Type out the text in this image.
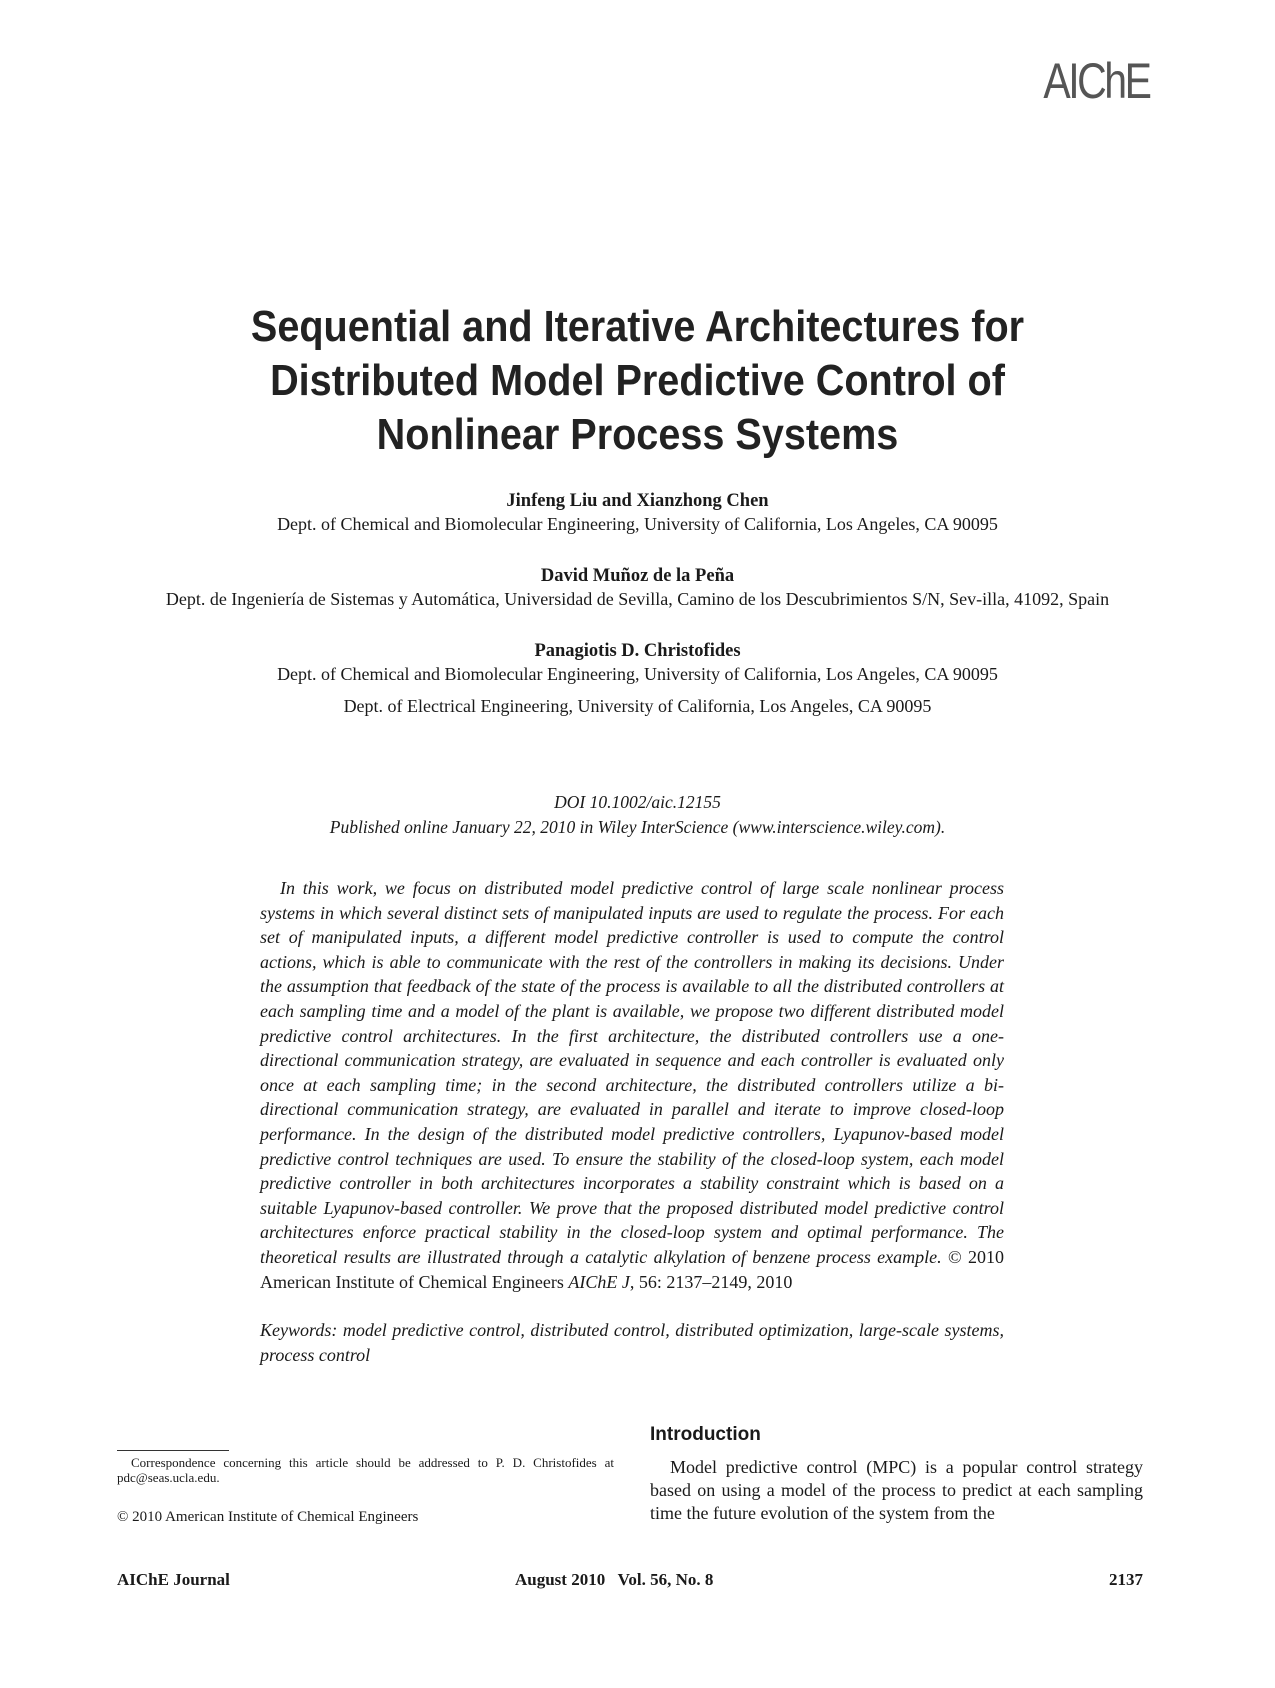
AIChE
Sequential and Iterative Architectures for
Distributed Model Predictive Control of
Nonlinear Process Systems
Jinfeng Liu and Xianzhong Chen
Dept. of Chemical and Biomolecular Engineering, University of California, Los Angeles, CA 90095
David Muñoz de la Peña
Dept. de Ingeniería de Sistemas y Automática, Universidad de Sevilla, Camino de los Descubrimientos S/N, Sev-illa, 41092, Spain
Panagiotis D. Christofides
Dept. of Chemical and Biomolecular Engineering, University of California, Los Angeles, CA 90095
Dept. of Electrical Engineering, University of California, Los Angeles, CA 90095
DOI 10.1002/aic.12155
Published online January 22, 2010 in Wiley InterScience (www.interscience.wiley.com).

In this work, we focus on distributed model predictive control of large scale nonlinear process systems in which several distinct sets of manipulated inputs are used to regulate the process. For each set of manipulated inputs, a different model predictive controller is used to compute the control actions, which is able to communicate with the rest of the controllers in making its decisions. Under the assumption that feedback of the state of the process is available to all the distributed controllers at each sampling time and a model of the plant is available, we propose two different distributed model predictive control architectures. In the first architecture, the distributed controllers use a one-directional communication strategy, are evaluated in sequence and each controller is evaluated only once at each sampling time; in the second architecture, the distributed controllers utilize a bi-directional communication strategy, are evaluated in parallel and iterate to improve closed-loop performance. In the design of the distributed model predictive controllers, Lyapunov-based model predictive control techniques are used. To ensure the stability of the closed-loop system, each model predictive controller in both architectures incorporates a stability constraint which is based on a suitable Lyapunov-based controller. We prove that the proposed distributed model predictive control architectures enforce practical stability in the closed-loop system and optimal performance. The theoretical results are illustrated through a catalytic alkylation of benzene process example. © 2010 American Institute of Chemical Engineers AIChE J, 56: 2137–2149, 2010

Keywords: model predictive control, distributed control, distributed optimization, large-scale systems, process control

Correspondence concerning this article should be addressed to P. D. Christofides at pdc@seas.ucla.edu.

© 2010 American Institute of Chemical Engineers
Introduction

Model predictive control (MPC) is a popular control strategy based on using a model of the process to predict at each sampling time the future evolution of the system from the

AIChE Journal	August 2010   Vol. 56, No. 8	2137
